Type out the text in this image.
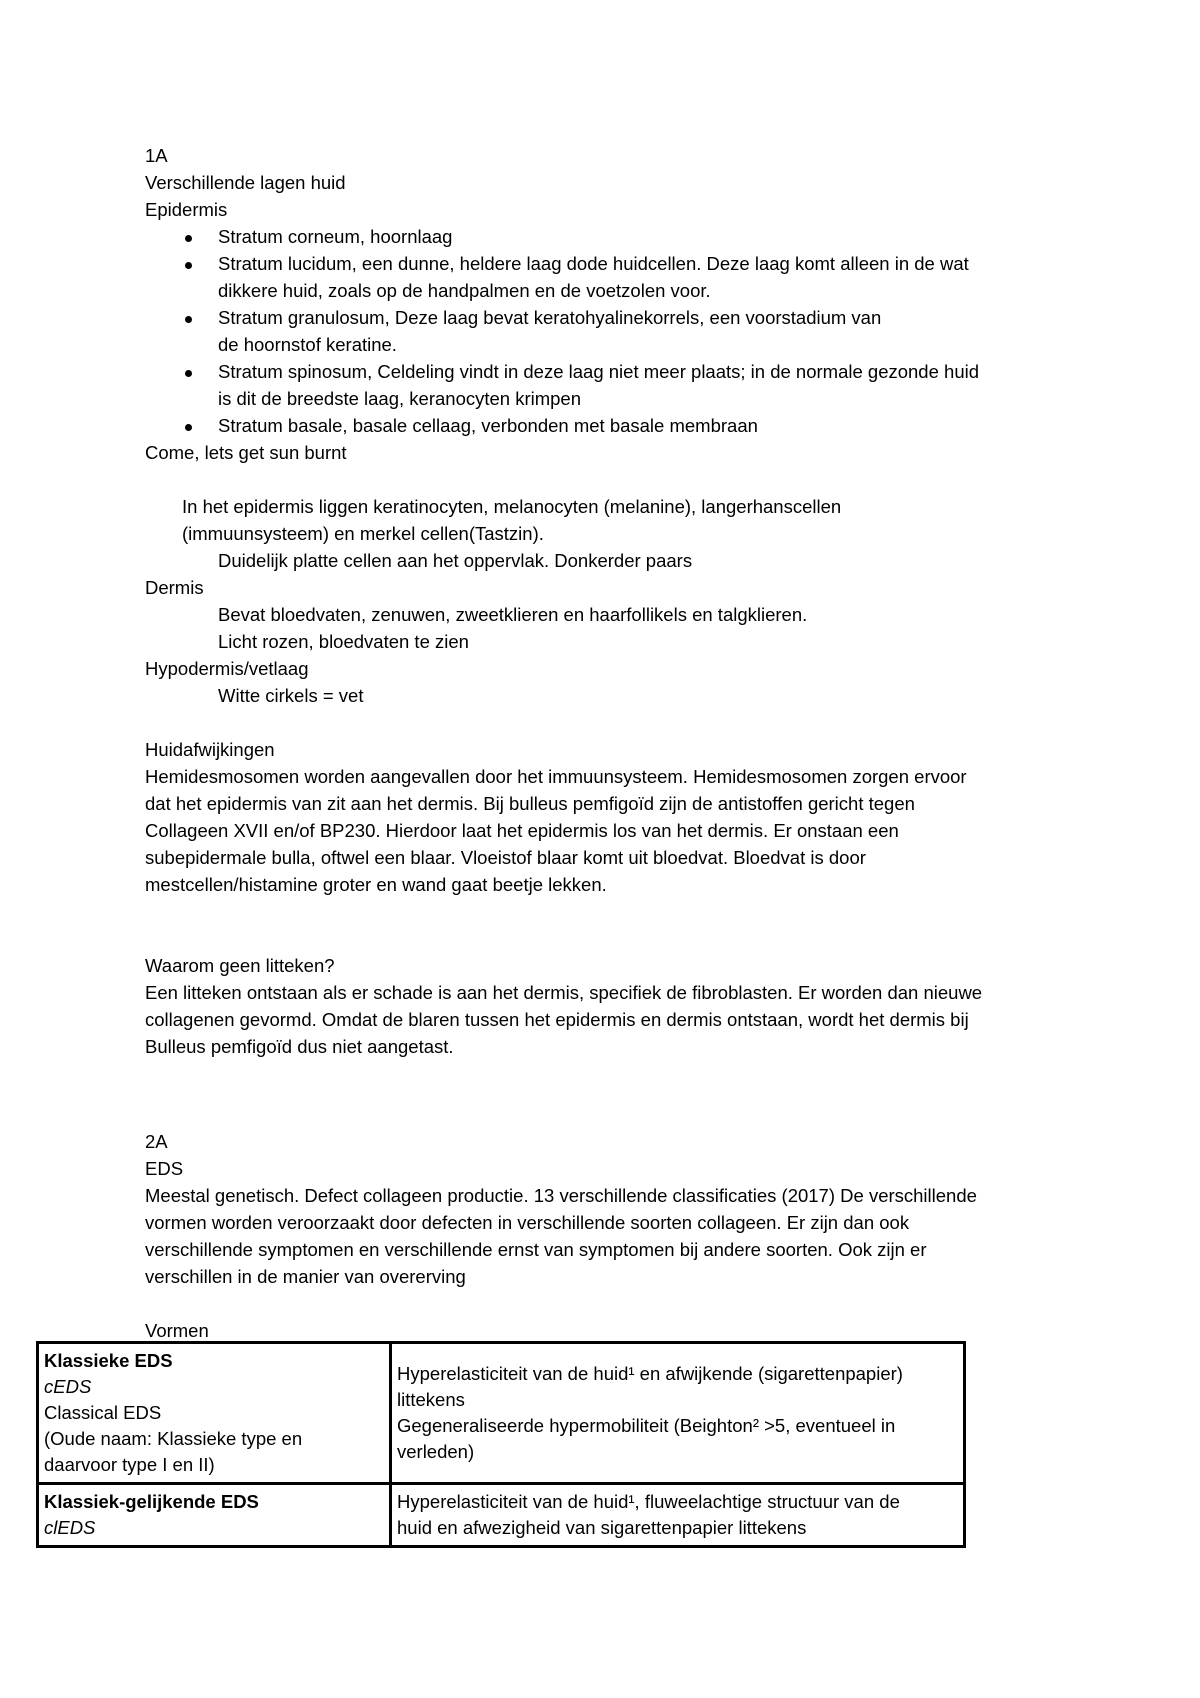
1A
Verschillende lagen huid
Epidermis
Stratum corneum, hoornlaag
Stratum lucidum, een dunne, heldere laag dode huidcellen. Deze laag komt alleen in de wat
dikkere huid, zoals op de handpalmen en de voetzolen voor.
Stratum granulosum, Deze laag bevat keratohyalinekorrels, een voorstadium van
de hoornstof keratine.
Stratum spinosum, Celdeling vindt in deze laag niet meer plaats; in de normale gezonde huid
is dit de breedste laag, keranocyten krimpen
Stratum basale, basale cellaag, verbonden met basale membraan
Come, lets get sun burnt
In het epidermis liggen keratinocyten, melanocyten (melanine), langerhanscellen
(immuunsysteem) en merkel cellen(Tastzin).
Duidelijk platte cellen aan het oppervlak. Donkerder paars
Dermis
Bevat bloedvaten, zenuwen, zweetklieren en haarfollikels en talgklieren.
Licht rozen, bloedvaten te zien
Hypodermis/vetlaag
Witte cirkels = vet
Huidafwijkingen
Hemidesmosomen worden aangevallen door het immuunsysteem. Hemidesmosomen zorgen ervoor
dat het epidermis van zit aan het dermis. Bij bulleus pemfigoïd zijn de antistoffen gericht tegen
Collageen XVII en/of BP230. Hierdoor laat het epidermis los van het dermis. Er onstaan een
subepidermale bulla, oftwel een blaar. Vloeistof blaar komt uit bloedvat. Bloedvat is door
mestcellen/histamine groter en wand gaat beetje lekken.
Waarom geen litteken?
Een litteken ontstaan als er schade is aan het dermis, specifiek de fibroblasten. Er worden dan nieuwe
collagenen gevormd. Omdat de blaren tussen het epidermis en dermis ontstaan, wordt het dermis bij
Bulleus pemfigoïd dus niet aangetast.
2A
EDS
Meestal genetisch. Defect collageen productie. 13 verschillende classificaties (2017) De verschillende
vormen worden veroorzaakt door defecten in verschillende soorten collageen. Er zijn dan ook
verschillende symptomen en verschillende ernst van symptomen bij andere soorten. Ook zijn er
verschillen in de manier van overerving
Vormen
Klassieke EDS
cEDS
Classical EDS
(Oude naam: Klassieke type en
daarvoor type I en II)	Hyperelasticiteit van de huid¹ en afwijkende (sigarettenpapier)
littekens
Gegeneraliseerde hypermobiliteit (Beighton² >5, eventueel in
verleden)

Klassiek-gelijkende EDS
clEDS	Hyperelasticiteit van de huid¹, fluweelachtige structuur van de
huid en afwezigheid van sigarettenpapier littekens
